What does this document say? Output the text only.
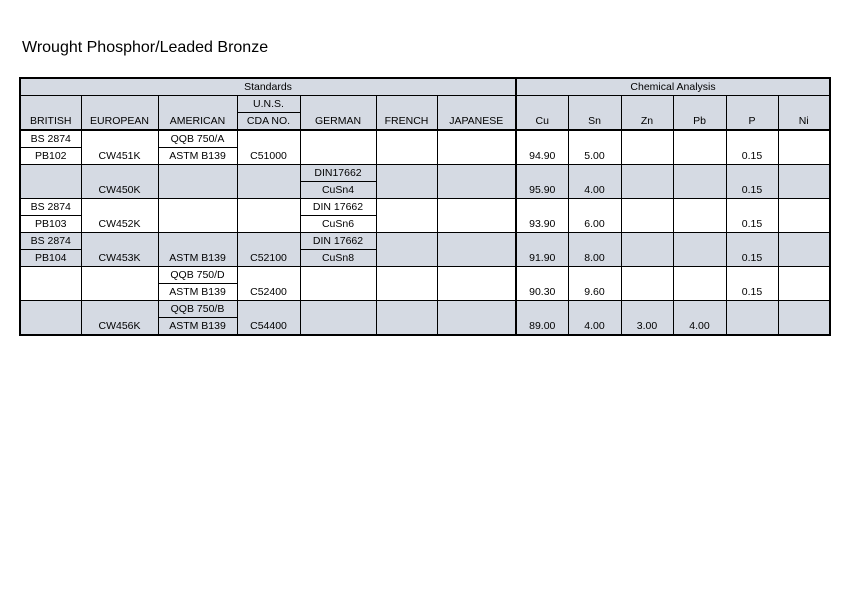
Wrought Phosphor/Leaded Bronze
Standards							Chemical Analysis					
			U.N.S.									
BRITISH	EUROPEAN	AMERICAN	CDA NO.	GERMAN	FRENCH	JAPANESE	Cu	Sn	Zn	Pb	P	Ni
BS 2874		QQB 750/A										
PB102	CW451K	ASTM B139	C51000				94.90	5.00			0.15	
				DIN17662								
	CW450K			CuSn4			95.90	4.00			0.15	
BS 2874				DIN 17662								
PB103	CW452K			CuSn6			93.90	6.00			0.15	
BS 2874				DIN 17662								
PB104	CW453K	ASTM B139	C52100	CuSn8			91.90	8.00			0.15	
		QQB 750/D										
		ASTM B139	C52400				90.30	9.60			0.15	
		QQB 750/B										
	CW456K	ASTM B139	C54400				89.00	4.00	3.00	4.00		
